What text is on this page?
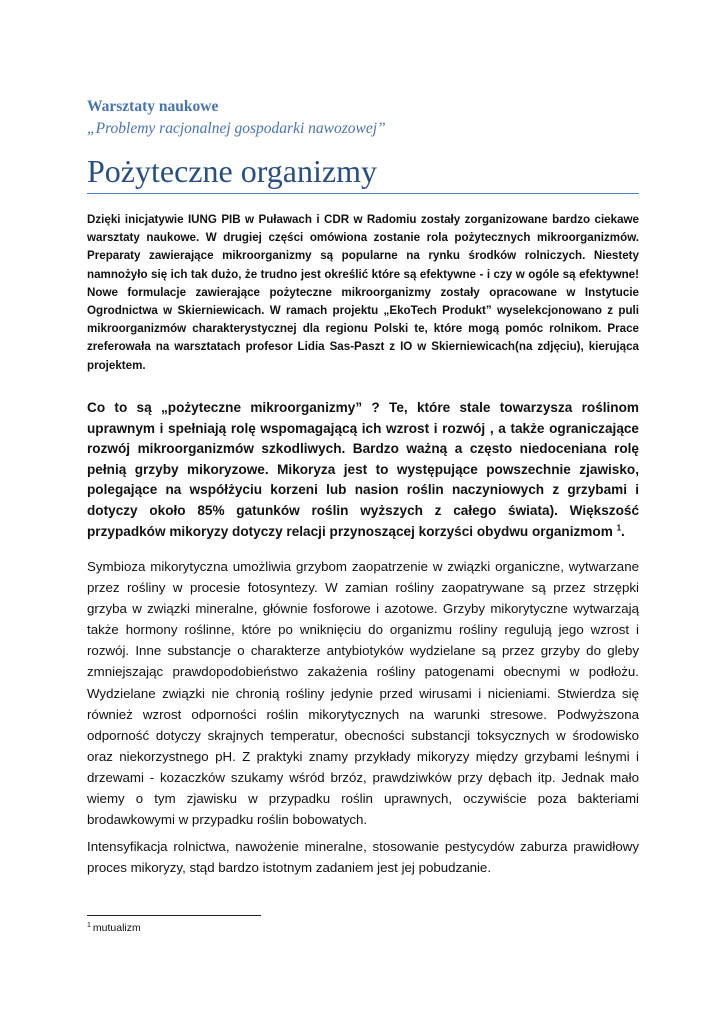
Warsztaty naukowe
„Problemy racjonalnej gospodarki nawozowej”
Pożyteczne organizmy

Dzięki inicjatywie IUNG PIB w Puławach i CDR w Radomiu zostały zorganizowane bardzo ciekawe warsztaty naukowe. W drugiej części omówiona zostanie rola pożytecznych mikroorganizmów. Preparaty zawierające mikroorganizmy są popularne na rynku środków rolniczych. Niestety namnożyło się ich tak dużo, że trudno jest określić które są efektywne - i czy w ogóle są efektywne! Nowe formulacje zawierające pożyteczne mikroorganizmy zostały opracowane w Instytucie Ogrodnictwa w Skierniewicach. W ramach projektu „EkoTech Produkt” wyselekcjonowano z puli mikroorganizmów charakterystycznej dla regionu Polski te, które mogą pomóc rolnikom. Prace zreferowała na warsztatach profesor Lidia Sas-Paszt z IO w Skierniewicach(na zdjęciu), kierująca projektem.

Co to są „pożyteczne mikroorganizmy” ? Te, które stale towarzysza roślinom uprawnym i spełniają rolę wspomagającą ich wzrost i rozwój , a także ograniczające rozwój mikroorganizmów szkodliwych. Bardzo ważną a często niedoceniana rolę pełnią grzyby mikoryzowe. Mikoryza jest to występujące powszechnie zjawisko, polegające na współżyciu korzeni lub nasion roślin naczyniowych z grzybami i dotyczy około 85% gatunków roślin wyższych z całego świata). Większość przypadków mikoryzy dotyczy relacji przynoszącej korzyści obydwu organizmom $^1$.

Symbioza mikorytyczna umożliwia grzybom zaopatrzenie w związki organiczne, wytwarzane przez rośliny w procesie fotosyntezy. W zamian rośliny zaopatrywane są przez strzępki grzyba w związki mineralne, głównie fosforowe i azotowe. Grzyby mikorytyczne wytwarzają także hormony roślinne, które po wniknięciu do organizmu rośliny regulują jego wzrost i rozwój. Inne substancje o charakterze antybiotyków wydzielane są przez grzyby do gleby zmniejszając prawdopodobieństwo zakażenia rośliny patogenami obecnymi w podłożu. Wydzielane związki nie chronią rośliny jedynie przed wirusami i nicieniami. Stwierdza się również wzrost odporności roślin mikorytycznych na warunki stresowe. Podwyższona odporność dotyczy skrajnych temperatur, obecności substancji toksycznych w środowisko oraz niekorzystnego pH. Z praktyki znamy przykłady mikoryzy między grzybami leśnymi i drzewami - kozaczków szukamy wśród brzóz, prawdziwków przy dębach itp. Jednak mało wiemy o tym zjawisku w przypadku roślin uprawnych, oczywiście poza bakteriami brodawkowymi w przypadku roślin bobowatych.

Intensyfikacja rolnictwa, nawożenie mineralne, stosowanie pestycydów zaburza prawidłowy proces mikoryzy, stąd bardzo istotnym zadaniem jest jej pobudzanie.

$^1$ mutualizm
